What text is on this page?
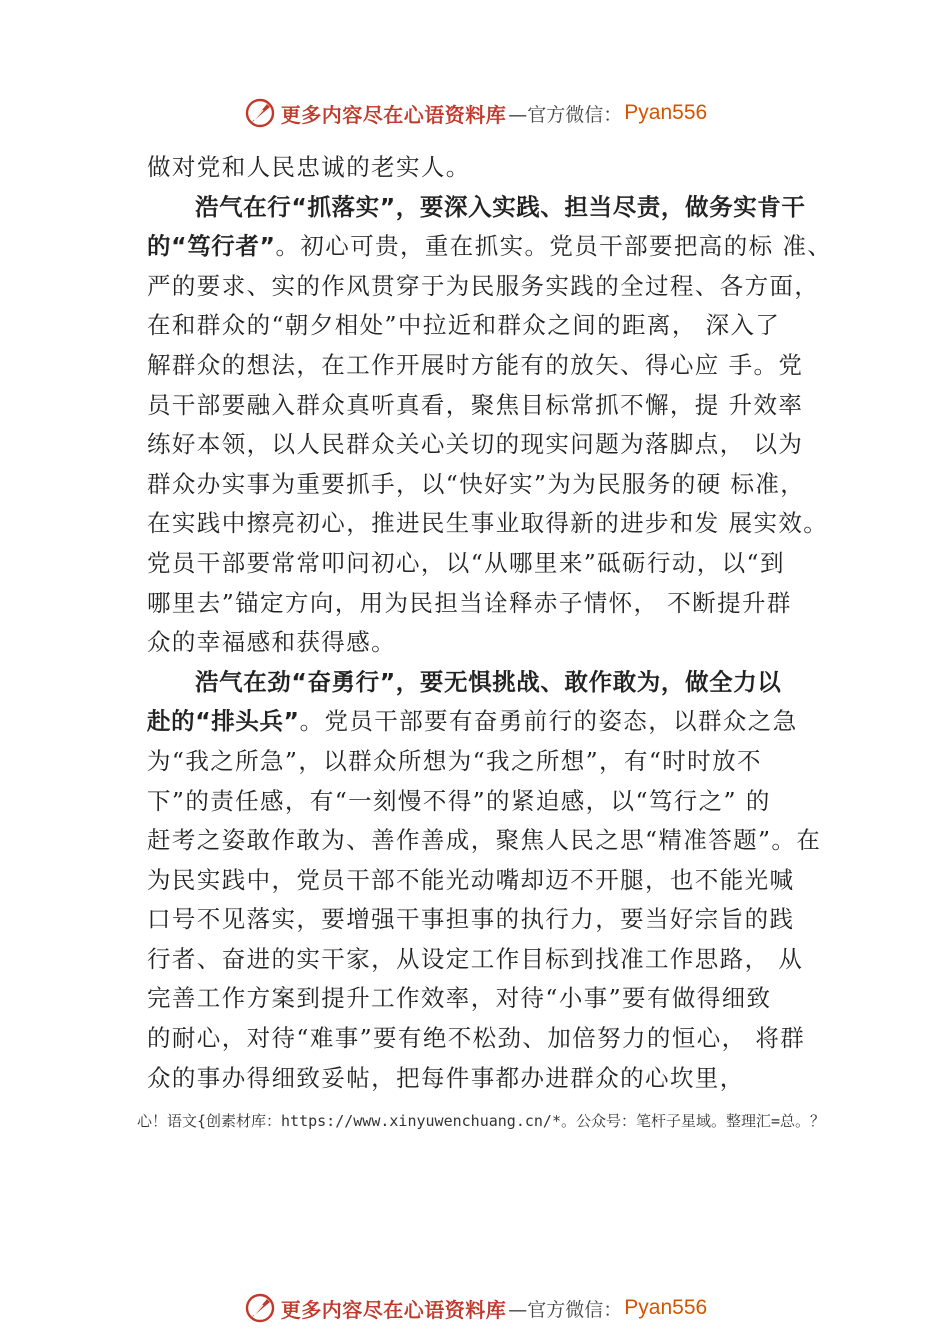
更多内容尽在心语资料库 —官方微信： Pyan556
做对党和人民忠诚的老实人。
浩气在行“抓落实”，要深入实践、担当尽责，做务实肯干
的“笃行者”。初心可贵，重在抓实。党员干部要把高的标 准、
严的要求、实的作风贯穿于为民服务实践的全过程、各方面，
在和群众的“朝夕相处”中拉近和群众之间的距离， 深入了
解群众的想法，在工作开展时方能有的放矢、得心应 手。党
员干部要融入群众真听真看，聚焦目标常抓不懈，提 升效率
练好本领，以人民群众关心关切的现实问题为落脚点， 以为
群众办实事为重要抓手，以“快好实”为为民服务的硬 标准，
在实践中擦亮初心，推进民生事业取得新的进步和发 展实效。
党员干部要常常叩问初心，以“从哪里来”砥砺行动，以“到
哪里去”锚定方向，用为民担当诠释赤子情怀， 不断提升群
众的幸福感和获得感。
浩气在劲“奋勇行”，要无惧挑战、敢作敢为，做全力以
赴的“排头兵”。党员干部要有奋勇前行的姿态，以群众之急
为“我之所急”，以群众所想为“我之所想”，有“时时放不
下”的责任感，有“一刻慢不得”的紧迫感，以“笃行之” 的
赶考之姿敢作敢为、善作善成，聚焦人民之思“精准答题”。在
为民实践中，党员干部不能光动嘴却迈不开腿，也不能光喊
口号不见落实，要增强干事担事的执行力，要当好宗旨的践
行者、奋进的实干家，从设定工作目标到找准工作思路， 从
完善工作方案到提升工作效率，对待“小事”要有做得细致
的耐心，对待“难事”要有绝不松劲、加倍努力的恒心， 将群
众的事办得细致妥帖，把每件事都办进群众的心坎里，
心！语文{创素材库：https://www.xinyuwenchuang.cn/*。公众号：笔杆子星域。整理汇=总。？
更多内容尽在心语资料库 —官方微信： Pyan556
